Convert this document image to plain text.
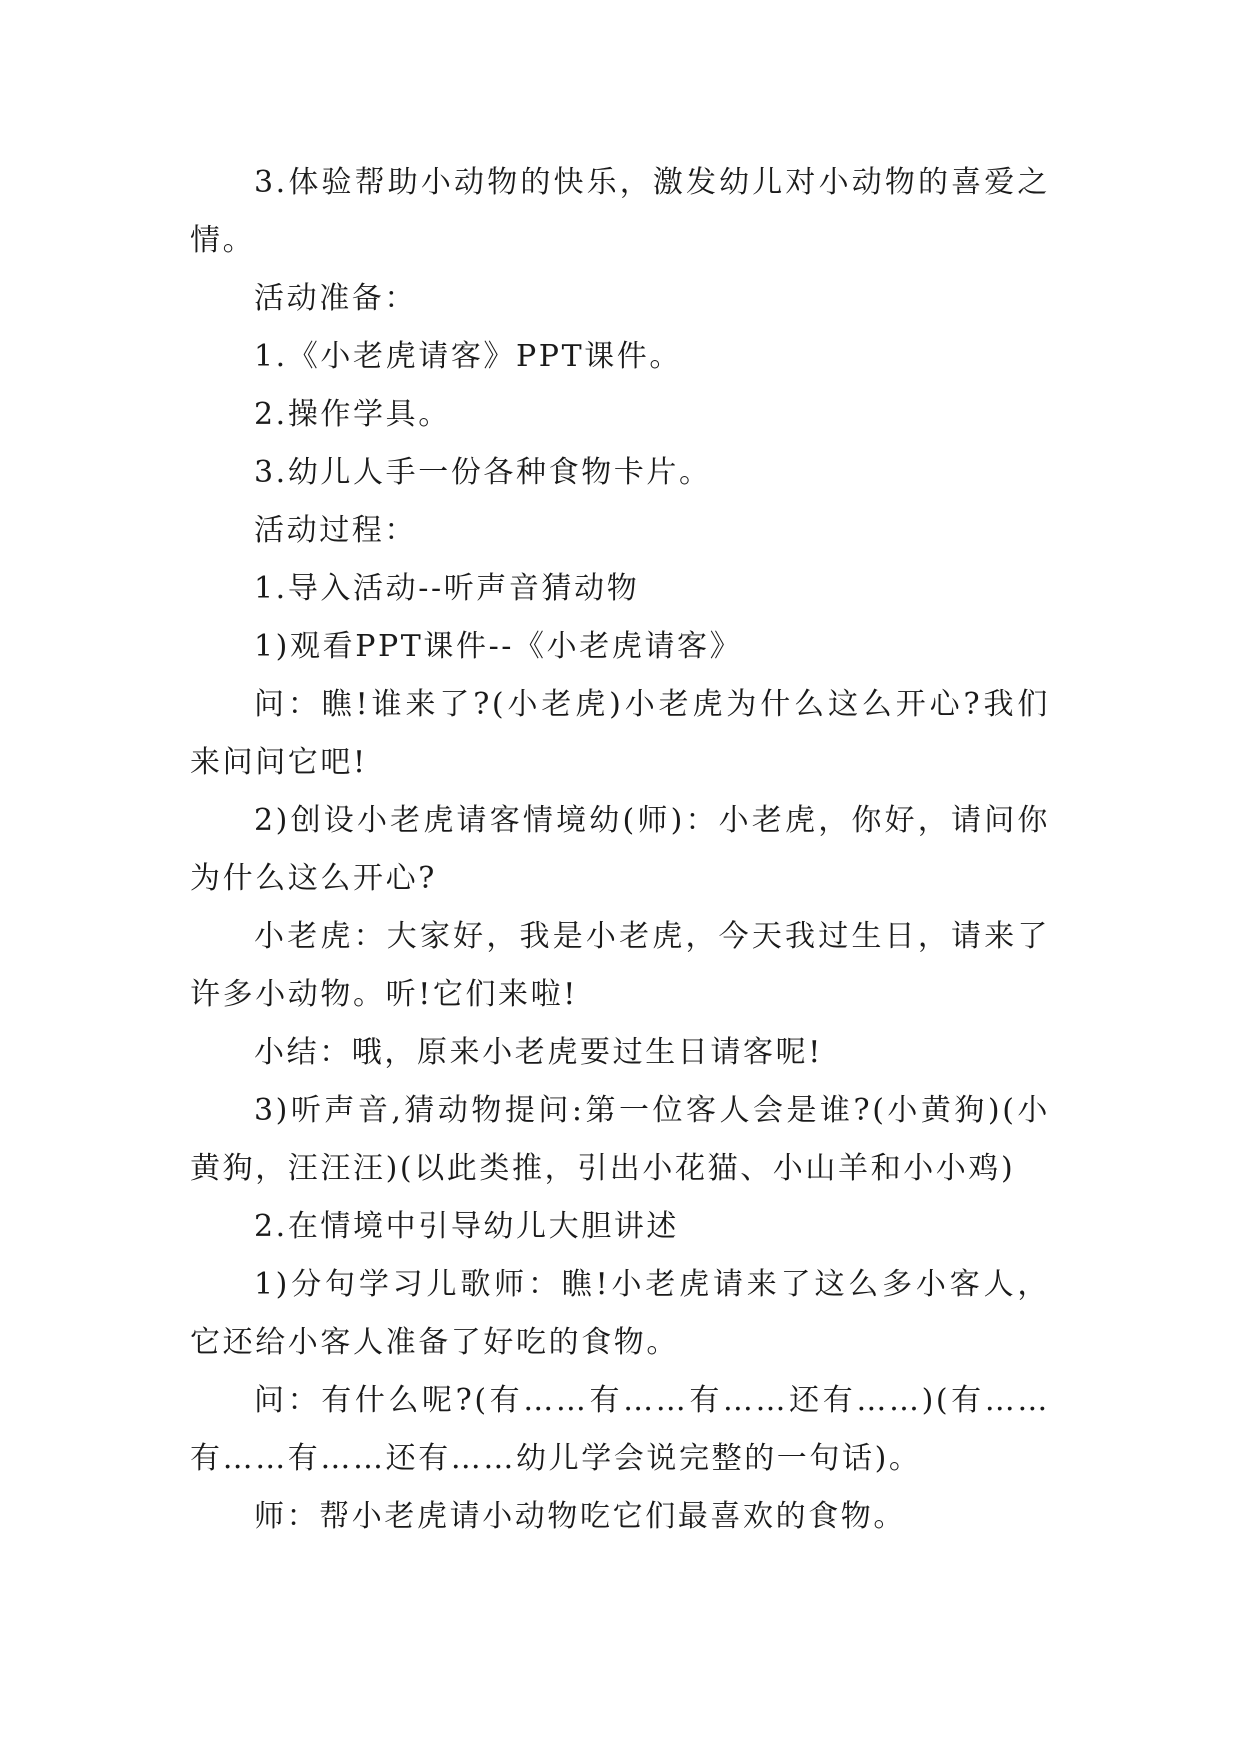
3.体验帮助小动物的快乐，激发幼儿对小动物的喜爱之情。

活动准备：

1.《小老虎请客》PPT课件。

2.操作学具。

3.幼儿人手一份各种食物卡片。

活动过程：

1.导入活动--听声音猜动物

1)观看PPT课件--《小老虎请客》

问：瞧!谁来了?(小老虎)小老虎为什么这么开心?我们来问问它吧!

2)创设小老虎请客情境幼(师)：小老虎，你好，请问你为什么这么开心?

小老虎：大家好，我是小老虎，今天我过生日，请来了许多小动物。听!它们来啦!

小结：哦，原来小老虎要过生日请客呢!

3)听声音,猜动物提问:第一位客人会是谁?(小黄狗)(小黄狗，汪汪汪)(以此类推，引出小花猫、小山羊和小小鸡)

2.在情境中引导幼儿大胆讲述

1)分句学习儿歌师：瞧!小老虎请来了这么多小客人，它还给小客人准备了好吃的食物。

问：有什么呢?(有……有……有……还有……)(有……有……有……还有……幼儿学会说完整的一句话)。

师：帮小老虎请小动物吃它们最喜欢的食物。
